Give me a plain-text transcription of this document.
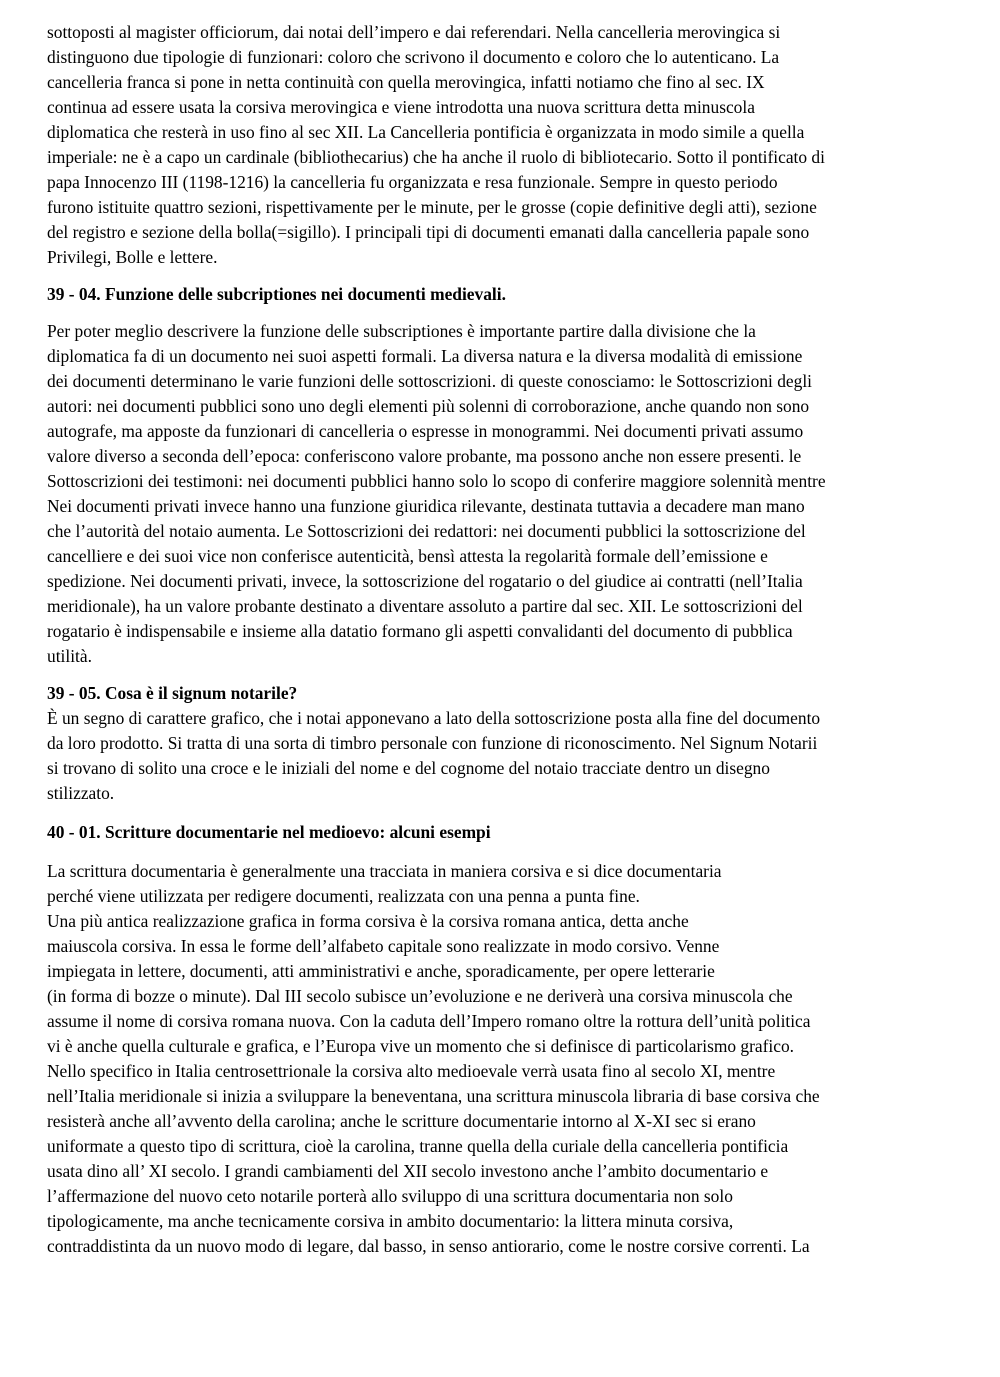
sottoposti al magister officiorum, dai notai dell’impero e dai referendari. Nella cancelleria merovingica si
distinguono due tipologie di funzionari: coloro che scrivono il documento e coloro che lo autenticano. La
cancelleria franca si pone in netta continuità con quella merovingica, infatti notiamo che fino al sec. IX
continua ad essere usata la corsiva merovingica e viene introdotta una nuova scrittura detta minuscola
diplomatica che resterà in uso fino al sec XII. La Cancelleria pontificia è organizzata in modo simile a quella
imperiale: ne è a capo un cardinale (bibliothecarius) che ha anche il ruolo di bibliotecario. Sotto il pontificato di
papa Innocenzo III (1198-1216) la cancelleria fu organizzata e resa funzionale. Sempre in questo periodo
furono istituite quattro sezioni, rispettivamente per le minute, per le grosse (copie definitive degli atti), sezione
del registro e sezione della bolla(=sigillo). I principali tipi di documenti emanati dalla cancelleria papale sono
Privilegi, Bolle e lettere.
39 - 04. Funzione delle subcriptiones nei documenti medievali.
Per poter meglio descrivere la funzione delle subscriptiones è importante partire dalla divisione che la
diplomatica fa di un documento nei suoi aspetti formali. La diversa natura e la diversa modalità di emissione
dei documenti determinano le varie funzioni delle sottoscrizioni. di queste conosciamo: le Sottoscrizioni degli
autori: nei documenti pubblici sono uno degli elementi più solenni di corroborazione, anche quando non sono
autografe, ma apposte da funzionari di cancelleria o espresse in monogrammi. Nei documenti privati assumo
valore diverso a seconda dell’epoca: conferiscono valore probante, ma possono anche non essere presenti. le
Sottoscrizioni dei testimoni: nei documenti pubblici hanno solo lo scopo di conferire maggiore solennità mentre
Nei documenti privati invece hanno una funzione giuridica rilevante, destinata tuttavia a decadere man mano
che l’autorità del notaio aumenta. Le Sottoscrizioni dei redattori: nei documenti pubblici la sottoscrizione del
cancelliere e dei suoi vice non conferisce autenticità, bensì attesta la regolarità formale dell’emissione e
spedizione. Nei documenti privati, invece, la sottoscrizione del rogatario o del giudice ai contratti (nell’Italia
meridionale), ha un valore probante destinato a diventare assoluto a partire dal sec. XII. Le sottoscrizioni del
rogatario è indispensabile e insieme alla datatio formano gli aspetti convalidanti del documento di pubblica
utilità.
39 - 05. Cosa è il signum notarile?
È un segno di carattere grafico, che i notai apponevano a lato della sottoscrizione posta alla fine del documento
da loro prodotto. Si tratta di una sorta di timbro personale con funzione di riconoscimento. Nel Signum Notarii
si trovano di solito una croce e le iniziali del nome e del cognome del notaio tracciate dentro un disegno
stilizzato.
40 - 01. Scritture documentarie nel medioevo: alcuni esempi
La scrittura documentaria è generalmente una tracciata in maniera corsiva e si dice documentaria
perché viene utilizzata per redigere documenti, realizzata con una penna a punta fine.
Una più antica realizzazione grafica in forma corsiva è la corsiva romana antica, detta anche
maiuscola corsiva. In essa le forme dell’alfabeto capitale sono realizzate in modo corsivo. Venne
impiegata in lettere, documenti, atti amministrativi e anche, sporadicamente, per opere letterarie
(in forma di bozze o minute). Dal III secolo subisce un’evoluzione e ne deriverà una corsiva minuscola che
assume il nome di corsiva romana nuova. Con la caduta dell’Impero romano oltre la rottura dell’unità politica
vi è anche quella culturale e grafica, e l’Europa vive un momento che si definisce di particolarismo grafico.
Nello specifico in Italia centrosettrionale la corsiva alto medioevale verrà usata fino al secolo XI, mentre
nell’Italia meridionale si inizia a sviluppare la beneventana, una scrittura minuscola libraria di base corsiva che
resisterà anche all’avvento della carolina; anche le scritture documentarie intorno al X-XI sec si erano
uniformate a questo tipo di scrittura, cioè la carolina, tranne quella della curiale della cancelleria pontificia
usata dino all’ XI secolo. I grandi cambiamenti del XII secolo investono anche l’ambito documentario e
l’affermazione del nuovo ceto notarile porterà allo sviluppo di una scrittura documentaria non solo
tipologicamente, ma anche tecnicamente corsiva in ambito documentario: la littera minuta corsiva,
contraddistinta da un nuovo modo di legare, dal basso, in senso antiorario, come le nostre corsive correnti. La
